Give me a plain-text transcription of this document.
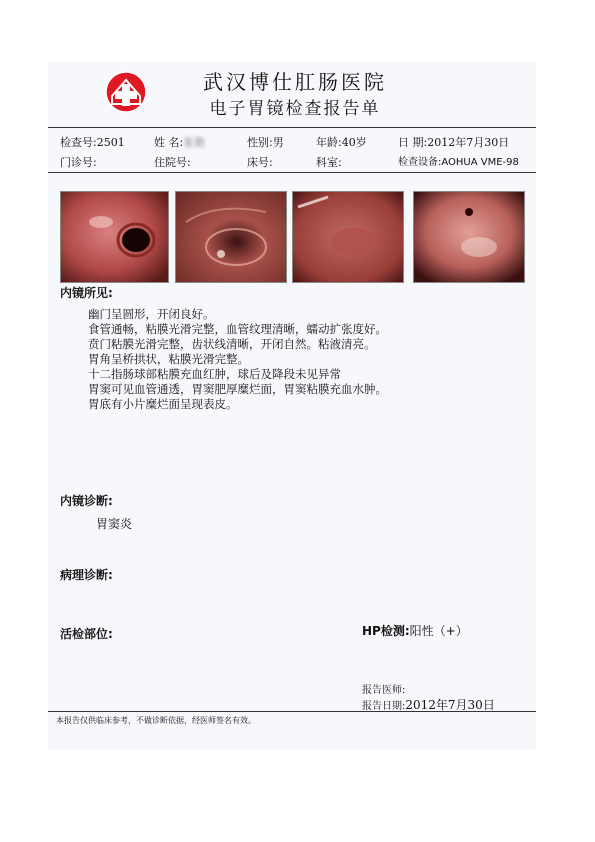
武汉博仕肛肠医院
电子胃镜检查报告单
检查号:2501	姓 名:张艳	性别:男	年龄:40岁	日 期:2012年7月30日
门诊号:	住院号:	床号:	科室:	检查设备:AOHUA VME-98
内镜所见:
幽门呈圆形，开闭良好。
食管通畅，粘膜光滑完整，血管纹理清晰，蠕动扩张度好。
贲门粘膜光滑完整，齿状线清晰，开闭自然。粘液清亮。
胃角呈桥拱状，粘膜光滑完整。
十二指肠球部粘膜充血红肿，球后及降段未见异常
胃窦可见血管通透，胃窦肥厚糜烂面，胃窦粘膜充血水肿。
胃底有小片糜烂面呈现表皮。
内镜诊断:
胃窦炎
病理诊断:
活检部位:	HP检测:阳性（+）
报告医师:
报告日期:2012年7月30日
本报告仅供临床参考，不做诊断依据，经医师签名有效。
